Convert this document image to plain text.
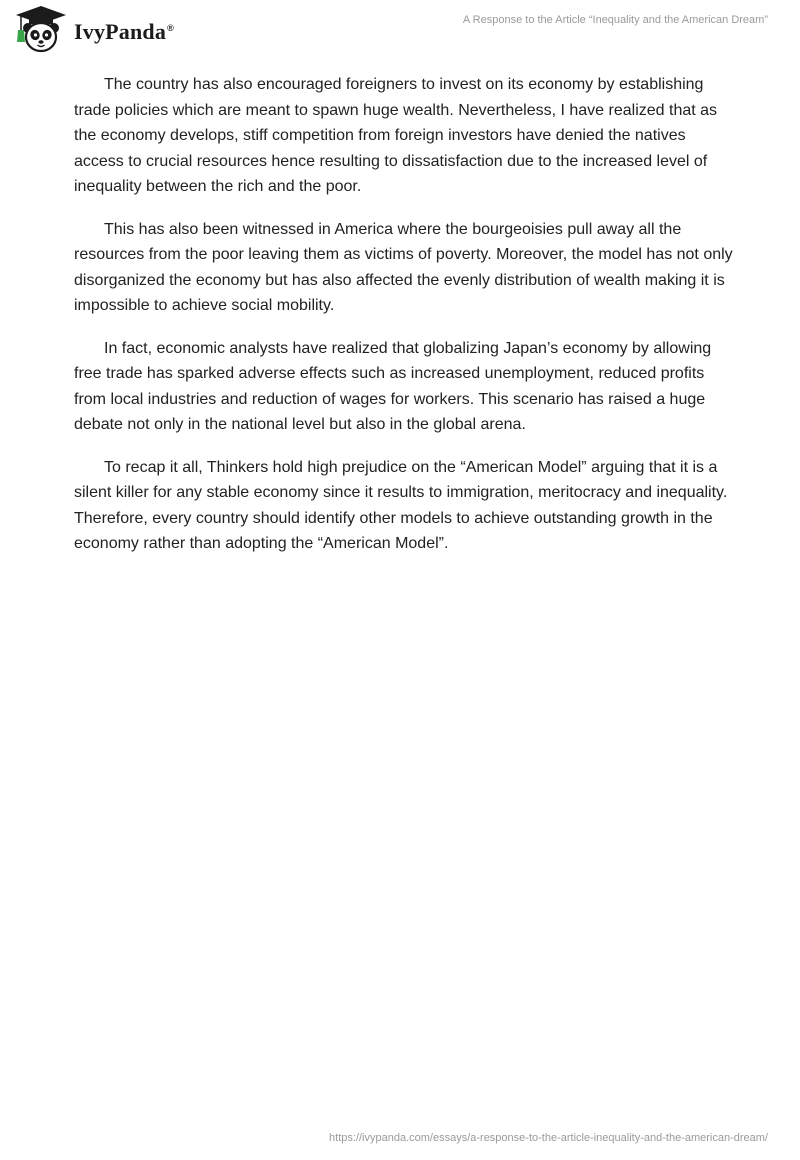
IvyPanda®
A Response to the Article “Inequality and the American Dream”

The country has also encouraged foreigners to invest on its economy by establishing trade policies which are meant to spawn huge wealth. Nevertheless, I have realized that as the economy develops, stiff competition from foreign investors have denied the natives access to crucial resources hence resulting to dissatisfaction due to the increased level of inequality between the rich and the poor.

This has also been witnessed in America where the bourgeoisies pull away all the resources from the poor leaving them as victims of poverty. Moreover, the model has not only disorganized the economy but has also affected the evenly distribution of wealth making it is impossible to achieve social mobility.

In fact, economic analysts have realized that globalizing Japan’s economy by allowing free trade has sparked adverse effects such as increased unemployment, reduced profits from local industries and reduction of wages for workers. This scenario has raised a huge debate not only in the national level but also in the global arena.

To recap it all, Thinkers hold high prejudice on the “American Model” arguing that it is a silent killer for any stable economy since it results to immigration, meritocracy and inequality. Therefore, every country should identify other models to achieve outstanding growth in the economy rather than adopting the “American Model”.

https://ivypanda.com/essays/a-response-to-the-article-inequality-and-the-american-dream/
